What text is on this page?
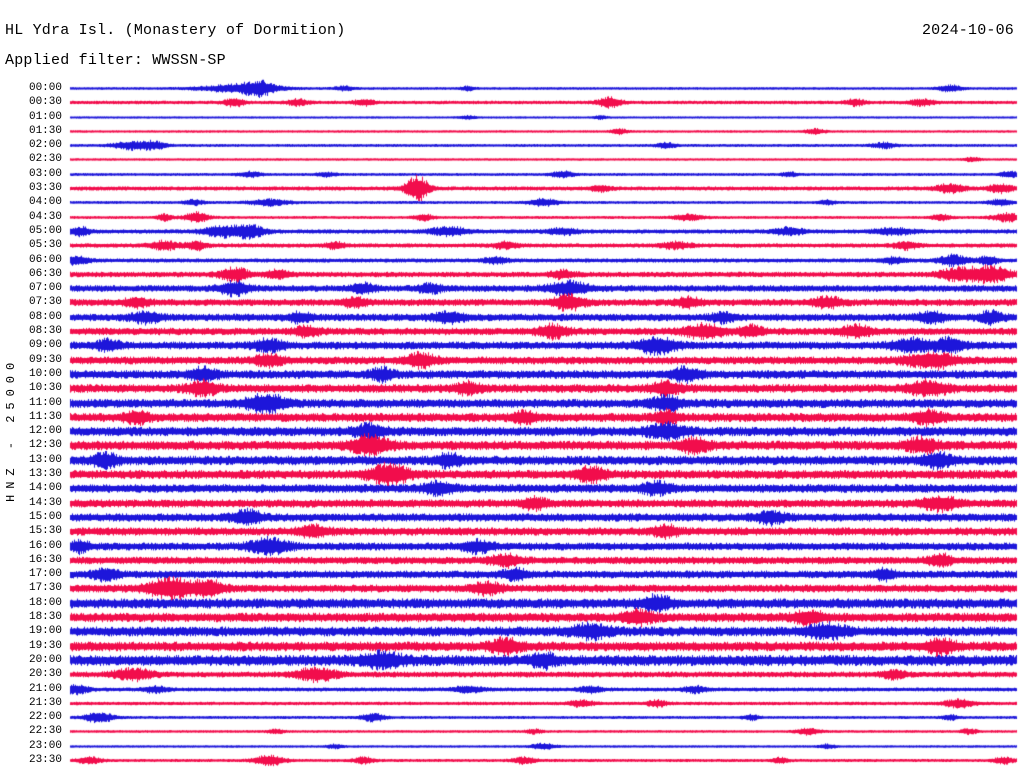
HL Ydra Isl. (Monastery of Dormition)	2024-10-06
Applied filter: WWSSN-SP
HNZ - 25000
00:00
00:30
01:00
01:30
02:00
02:30
03:00
03:30
04:00
04:30
05:00
05:30
06:00
06:30
07:00
07:30
08:00
08:30
09:00
09:30
10:00
10:30
11:00
11:30
12:00
12:30
13:00
13:30
14:00
14:30
15:00
15:30
16:00
16:30
17:00
17:30
18:00
18:30
19:00
19:30
20:00
20:30
21:00
21:30
22:00
22:30
23:00
23:30
